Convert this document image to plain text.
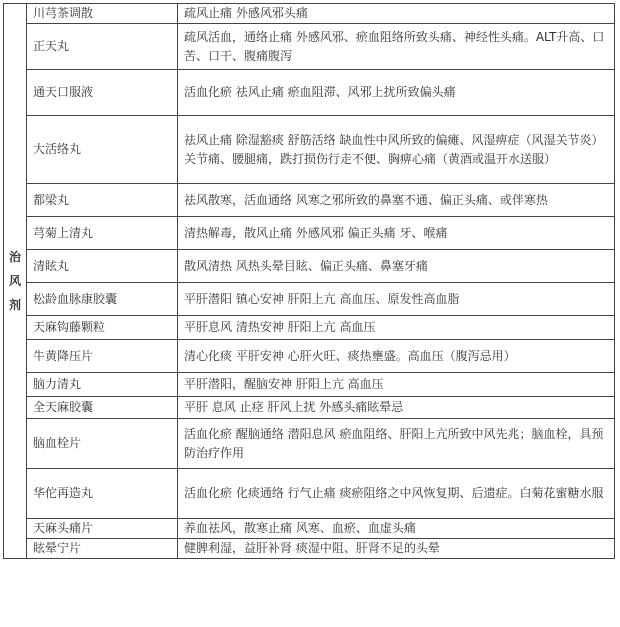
治
风
剂	川芎茶调散	疏风止痛 外感风邪头痛
	正天丸	疏风活血，通络止痛 外感风邪、瘀血阻络所致头痛、神经性头痛。ALT升高、口苦、口干、腹痛腹泻
	通天口服液	活血化瘀 祛风止痛 瘀血阻滞、风邪上扰所致偏头痛
	大活络丸	祛风止痛 除湿豁痰 舒筋活络 缺血性中风所致的偏瘫、风湿痹症（风湿关节炎）关节痛、腰腿痛，跌打损伤行走不便、胸痹心痛（黄酒或温开水送服）
	都梁丸	祛风散寒，活血通络 风寒之邪所致的鼻塞不通、偏正头痛、或伴寒热
	芎菊上清丸	清热解毒，散风止痛 外感风邪 偏正头痛 牙、喉痛
	清眩丸	散风清热 风热头晕目眩、偏正头痛、鼻塞牙痛
	松龄血脉康胶囊	平肝潜阳 镇心安神 肝阳上亢 高血压、原发性高血脂
	天麻钩藤颗粒	平肝息风 清热安神 肝阳上亢 高血压
	牛黄降压片	清心化痰 平肝安神 心肝火旺、痰热壅盛。高血压（腹泻忌用）
	脑力清丸	平肝潜阳，醒脑安神 肝阳上亢 高血压
	全天麻胶囊	平肝 息风 止痉 肝风上扰 外感头痛眩晕忌
	脑血栓片	活血化瘀 醒脑通络 潜阳息风 瘀血阻络、肝阳上亢所致中风先兆；脑血栓，具预防治疗作用
	华佗再造丸	活血化瘀 化痰通络 行气止痛 痰瘀阻络之中风恢复期、后遗症。白菊花蜜糖水服
	天麻头痛片	养血祛风，散寒止痛 风寒、血瘀、血虚头痛
	眩晕宁片	健脾利湿，益肝补肾 痰湿中阻、肝肾不足的头晕
